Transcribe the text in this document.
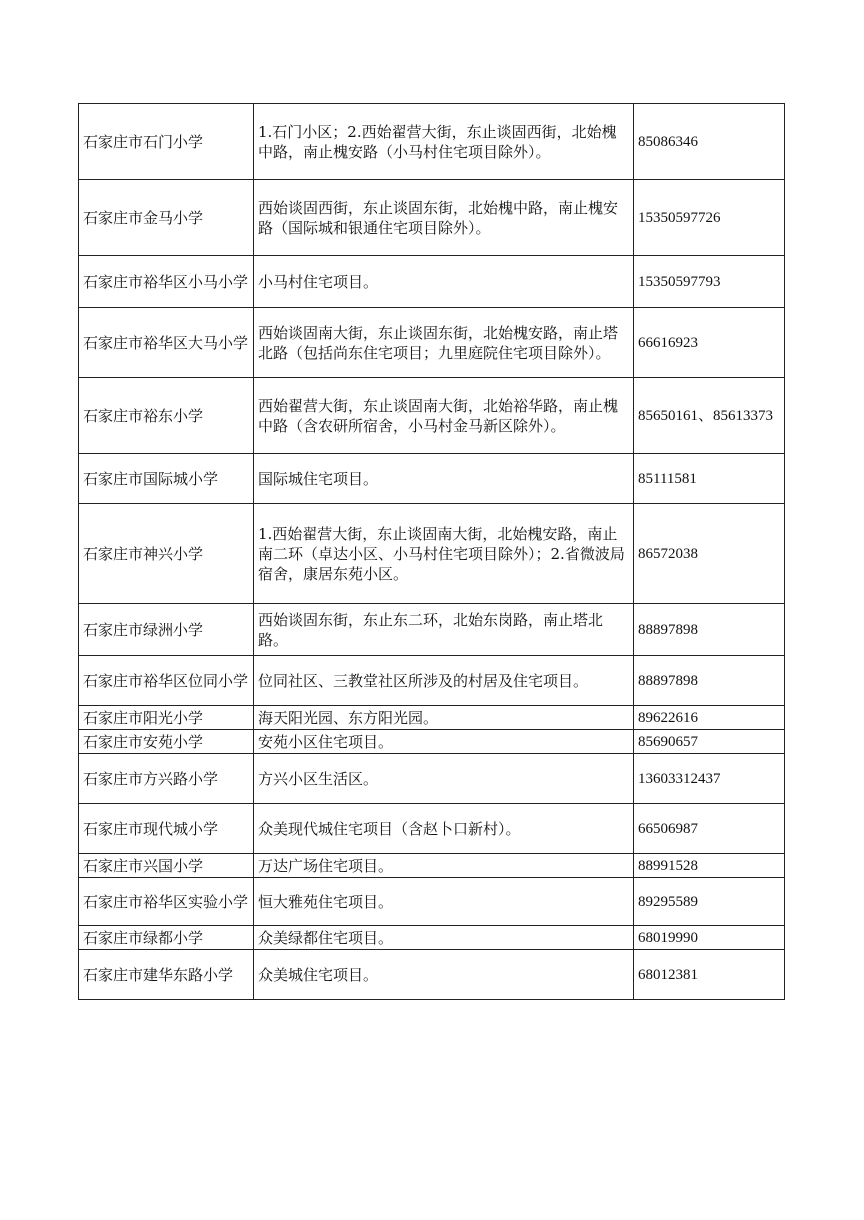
石家庄市石门小学	1.石门小区；2.西始翟营大街，东止谈固西街，北始槐中路，南止槐安路（小马村住宅项目除外）。	85086346
石家庄市金马小学	西始谈固西街，东止谈固东街，北始槐中路，南止槐安路（国际城和银通住宅项目除外）。	15350597726
石家庄市裕华区小马小学	小马村住宅项目。	15350597793
石家庄市裕华区大马小学	西始谈固南大街，东止谈固东街，北始槐安路，南止塔北路（包括尚东住宅项目；九里庭院住宅项目除外）。	66616923
石家庄市裕东小学	西始翟营大街，东止谈固南大街，北始裕华路，南止槐中路（含农研所宿舍，小马村金马新区除外）。	85650161、85613373
石家庄市国际城小学	国际城住宅项目。	85111581
石家庄市神兴小学	1.西始翟营大街，东止谈固南大街，北始槐安路，南止南二环（卓达小区、小马村住宅项目除外）；2.省微波局宿舍，康居东苑小区。	86572038
石家庄市绿洲小学	西始谈固东街，东止东二环，北始东岗路，南止塔北路。	88897898
石家庄市裕华区位同小学	位同社区、三教堂社区所涉及的村居及住宅项目。	88897898
石家庄市阳光小学	海天阳光园、东方阳光园。	89622616
石家庄市安苑小学	安苑小区住宅项目。	85690657
石家庄市方兴路小学	方兴小区生活区。	13603312437
石家庄市现代城小学	众美现代城住宅项目（含赵卜口新村）。	66506987
石家庄市兴国小学	万达广场住宅项目。	88991528
石家庄市裕华区实验小学	恒大雅苑住宅项目。	89295589
石家庄市绿都小学	众美绿都住宅项目。	68019990
石家庄市建华东路小学	众美城住宅项目。	68012381
